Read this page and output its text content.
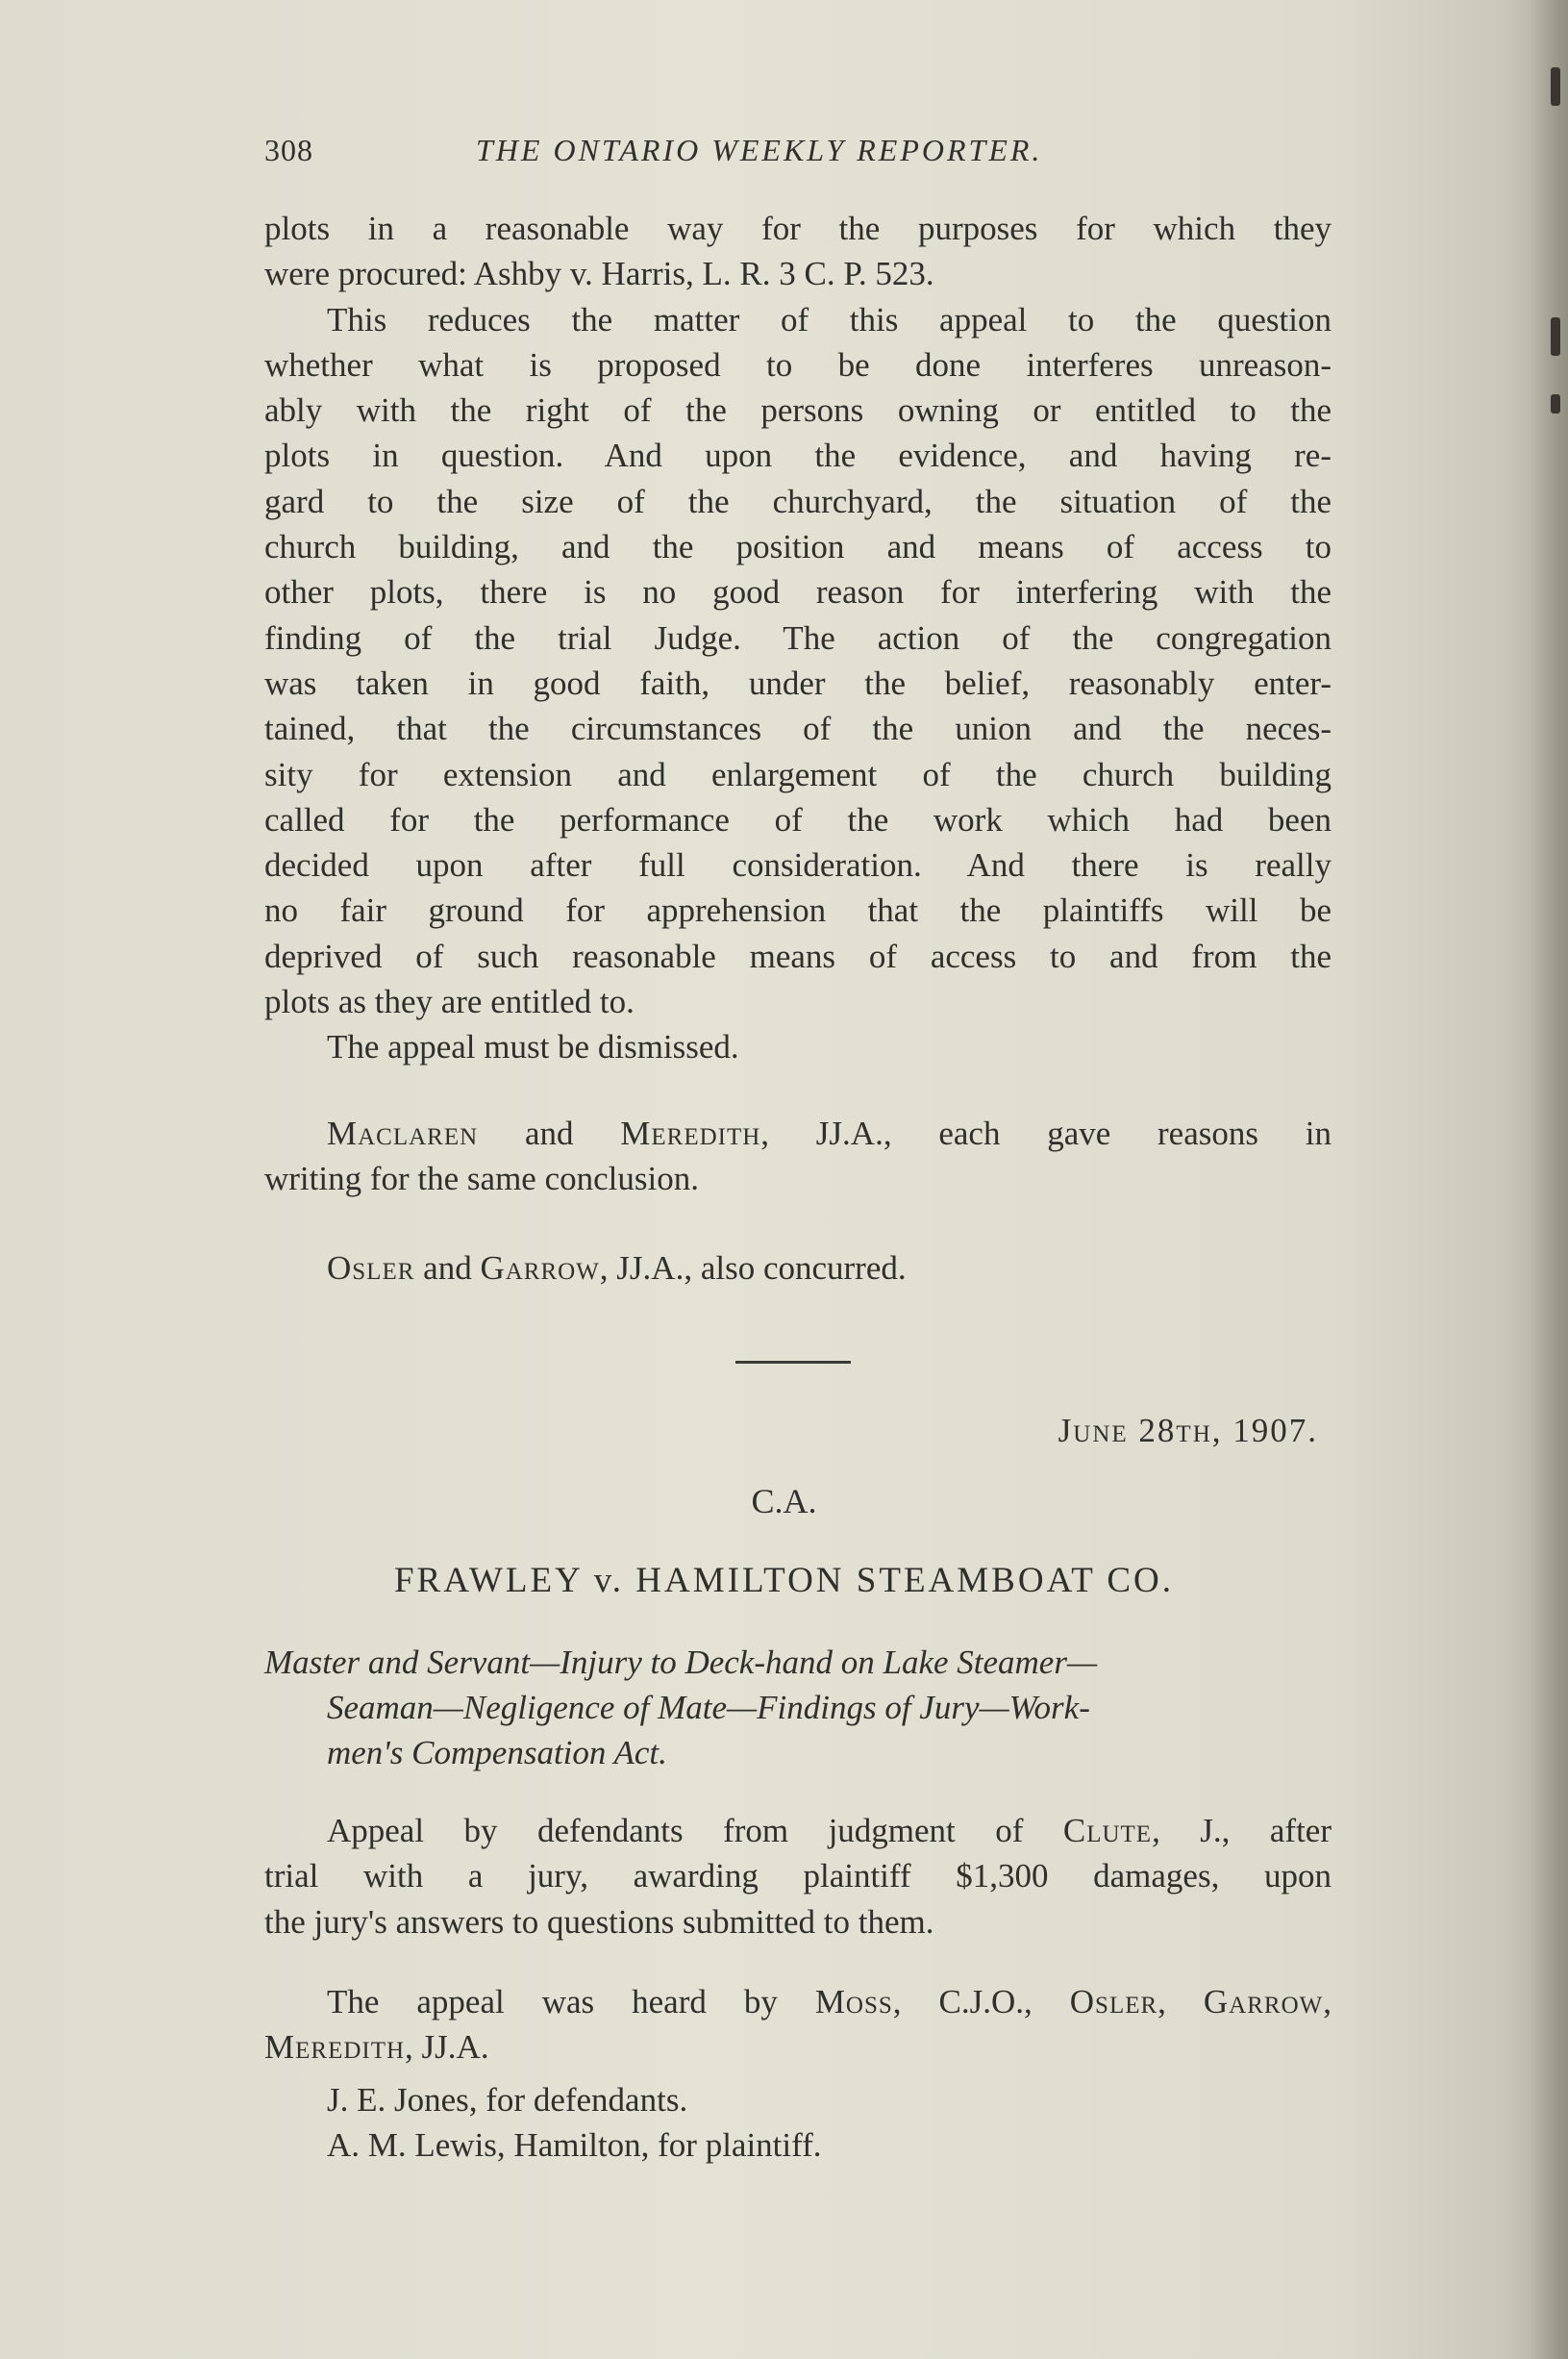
308	THE ONTARIO WEEKLY REPORTER.

plots in a reasonable way for the purposes for which they
were procured: Ashby v. Harris, L. R. 3 C. P. 523.

This reduces the matter of this appeal to the question
whether what is proposed to be done interferes unreason-
ably with the right of the persons owning or entitled to the
plots in question. And upon the evidence, and having re-
gard to the size of the churchyard, the situation of the
church building, and the position and means of access to
other plots, there is no good reason for interfering with the
finding of the trial Judge. The action of the congregation
was taken in good faith, under the belief, reasonably enter-
tained, that the circumstances of the union and the neces-
sity for extension and enlargement of the church building
called for the performance of the work which had been
decided upon after full consideration. And there is really
no fair ground for apprehension that the plaintiffs will be
deprived of such reasonable means of access to and from the
plots as they are entitled to.

The appeal must be dismissed.

Maclaren and Meredith, JJ.A., each gave reasons in
writing for the same conclusion.

Osler and Garrow, JJ.A., also concurred.

June 28th, 1907.
C.A.
FRAWLEY v. HAMILTON STEAMBOAT CO.
Master and Servant—Injury to Deck-hand on Lake Steamer—
Seaman—Negligence of Mate—Findings of Jury—Work-
men's Compensation Act.
Appeal by defendants from judgment of Clute, J., after
trial with a jury, awarding plaintiff $1,300 damages, upon
the jury's answers to questions submitted to them.
The appeal was heard by Moss, C.J.O., Osler, Garrow,
Meredith, JJ.A.

J. E. Jones, for defendants.

A. M. Lewis, Hamilton, for plaintiff.
